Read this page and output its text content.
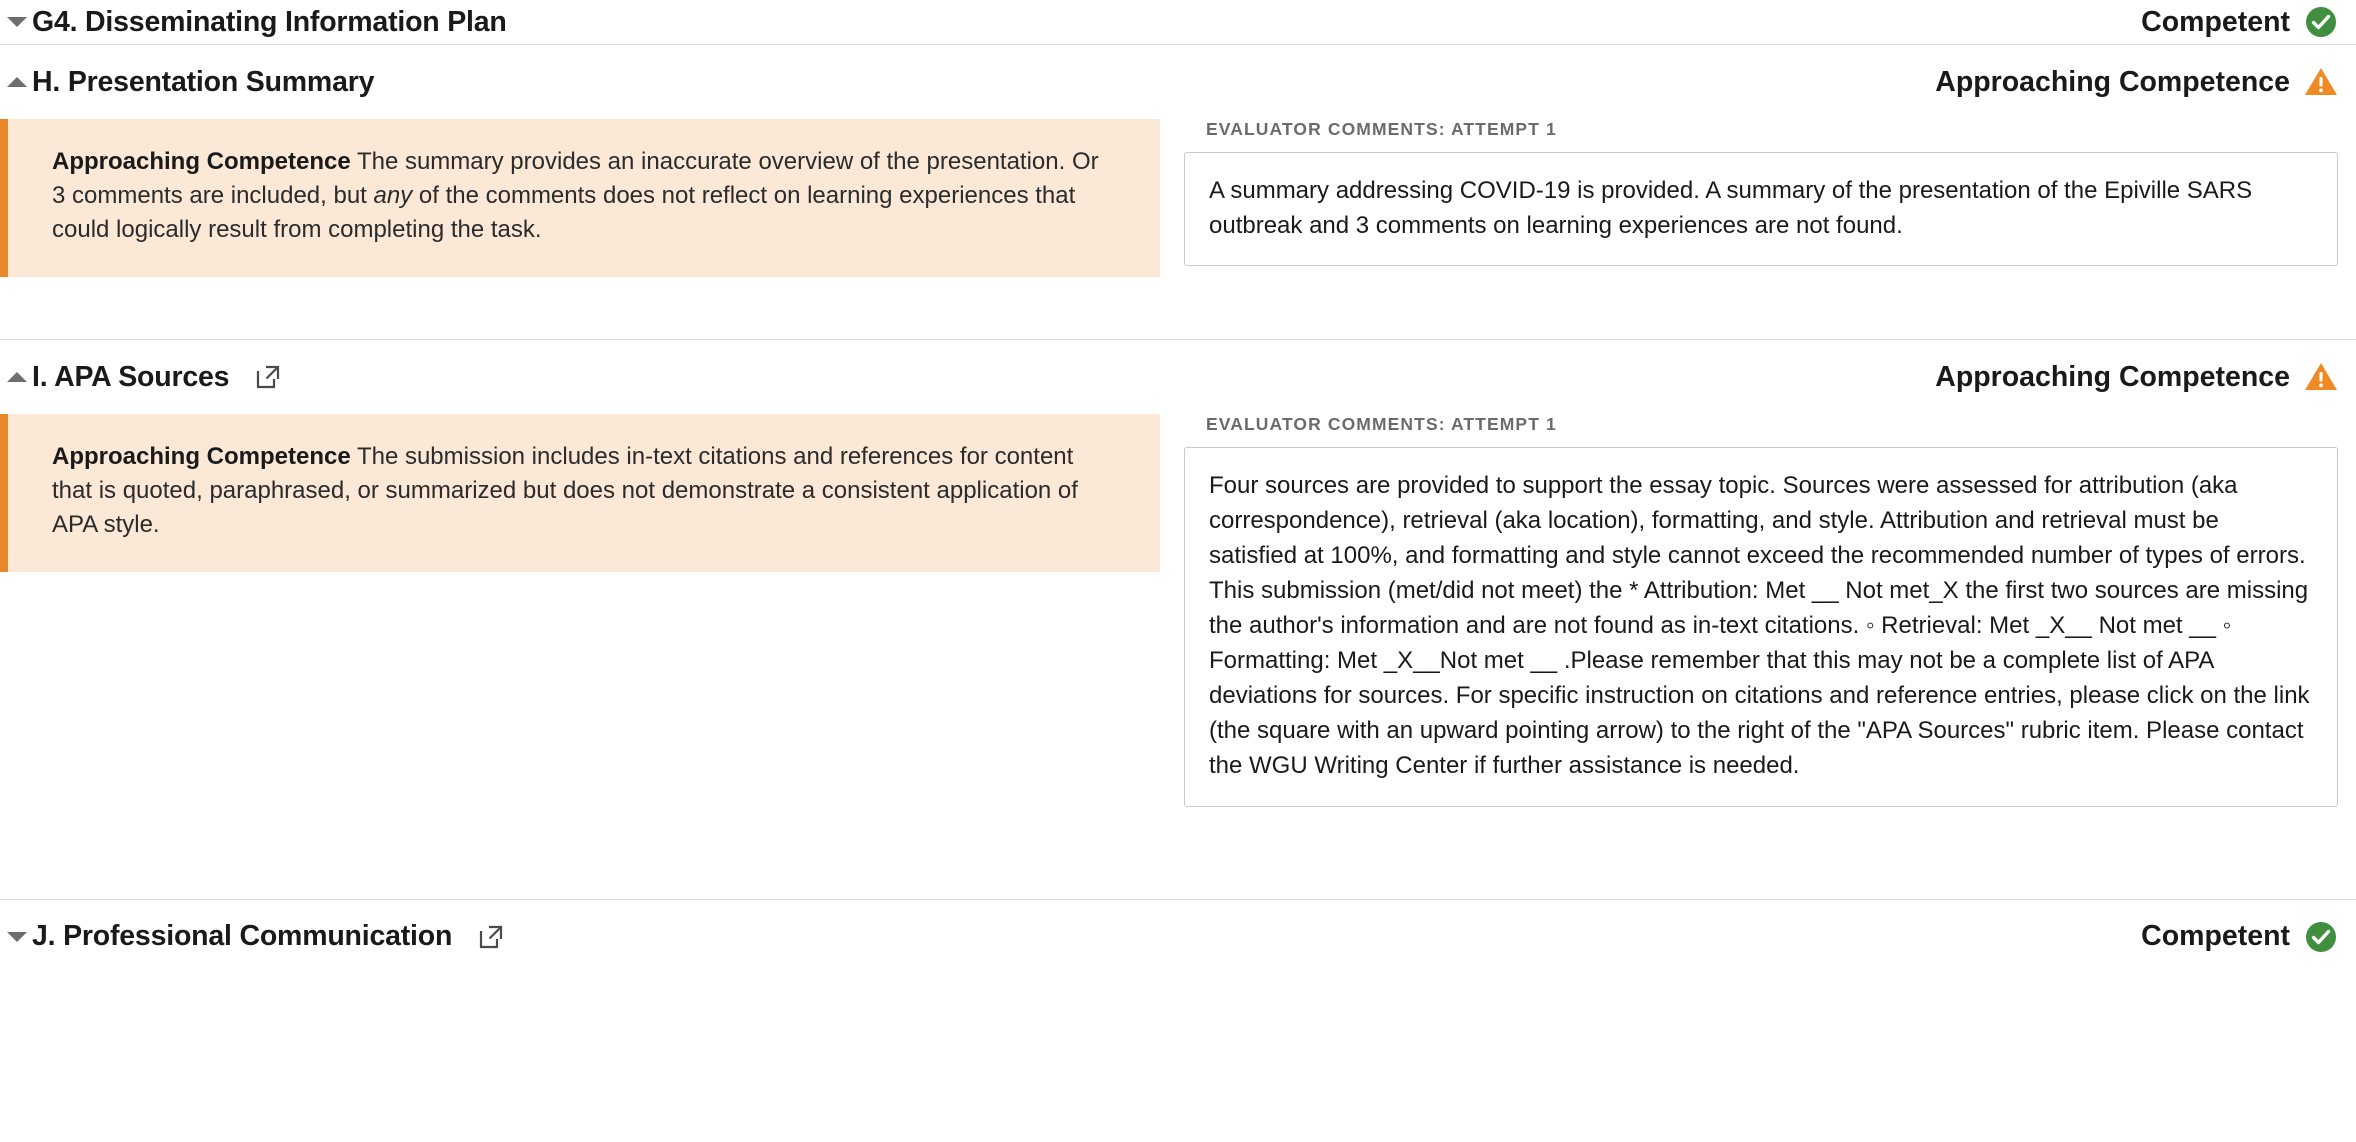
G4. Disseminating Information Plan	Competent
H. Presentation Summary	Approaching Competence
Approaching Competence The summary provides an inaccurate overview of the presentation. Or 3 comments are included, but any of the comments does not reflect on learning experiences that could logically result from completing the task.
EVALUATOR COMMENTS: ATTEMPT 1
A summary addressing COVID-19 is provided. A summary of the presentation of the Epiville SARS outbreak and 3 comments on learning experiences are not found.
I. APA Sources	Approaching Competence
Approaching Competence The submission includes in-text citations and references for content that is quoted, paraphrased, or summarized but does not demonstrate a consistent application of APA style.
EVALUATOR COMMENTS: ATTEMPT 1
Four sources are provided to support the essay topic. Sources were assessed for attribution (aka correspondence), retrieval (aka location), formatting, and style. Attribution and retrieval must be satisfied at 100%, and formatting and style cannot exceed the recommended number of types of errors. This submission (met/did not meet) the * Attribution: Met __ Not met_X the first two sources are missing the author's information and are not found as in-text citations. ◦ Retrieval: Met _X__ Not met __ ◦ Formatting: Met _X__Not met __ .Please remember that this may not be a complete list of APA deviations for sources. For specific instruction on citations and reference entries, please click on the link (the square with an upward pointing arrow) to the right of the "APA Sources" rubric item. Please contact the WGU Writing Center if further assistance is needed.
J. Professional Communication	Competent
